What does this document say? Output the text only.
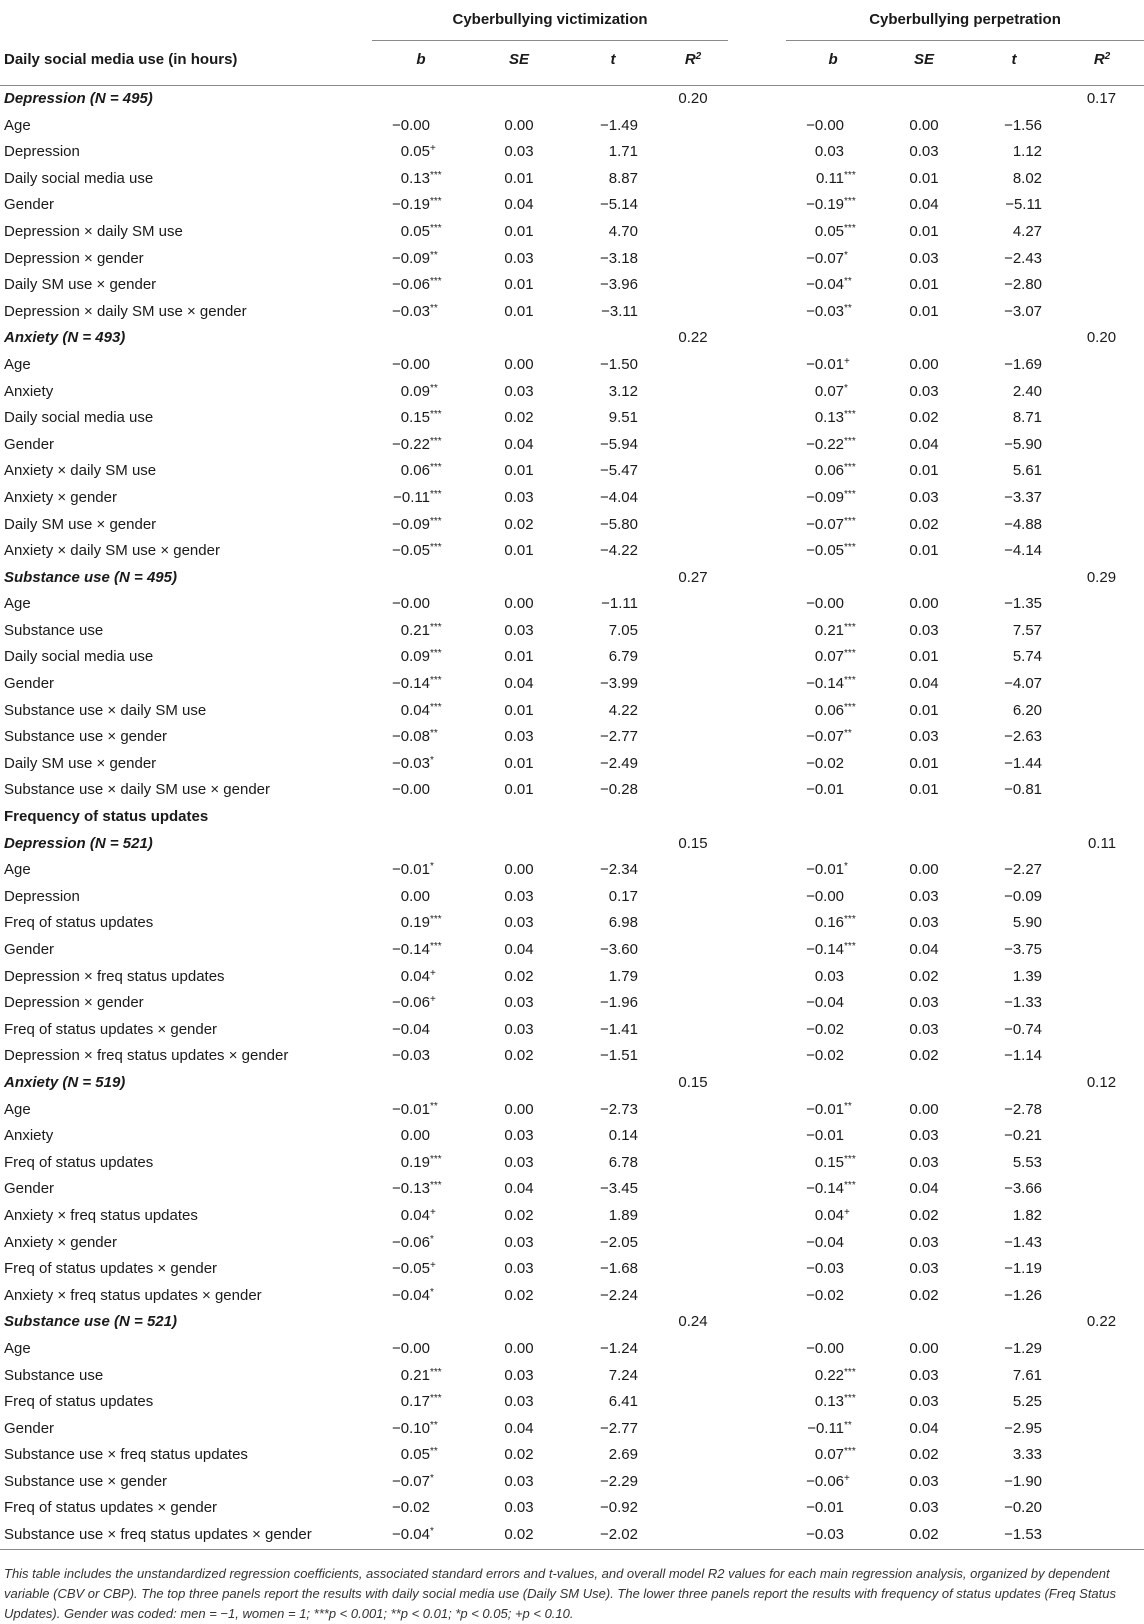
	Cyberbullying victimization					Cyberbullying perpetration			
Daily social media use (in hours)	b	SE	t	$R^2$		b	SE	t	$R^2$
Depression (N = 495)				0.20					0.17
Age	−0.00	0.00	−1.49			−0.00	0.00	−1.56	
Depression	0.05+	0.03	1.71			0.03	0.03	1.12	
Daily social media use	0.13***	0.01	8.87			0.11***	0.01	8.02	
Gender	−0.19***	0.04	−5.14			−0.19***	0.04	−5.11	
Depression × daily SM use	0.05***	0.01	4.70			0.05***	0.01	4.27	
Depression × gender	−0.09**	0.03	−3.18			−0.07*	0.03	−2.43	
Daily SM use × gender	−0.06***	0.01	−3.96			−0.04**	0.01	−2.80	
Depression × daily SM use × gender	−0.03**	0.01	−3.11			−0.03**	0.01	−3.07	
Anxiety (N = 493)				0.22					0.20
Age	−0.00	0.00	−1.50			−0.01+	0.00	−1.69	
Anxiety	0.09**	0.03	3.12			0.07*	0.03	2.40	
Daily social media use	0.15***	0.02	9.51			0.13***	0.02	8.71	
Gender	−0.22***	0.04	−5.94			−0.22***	0.04	−5.90	
Anxiety × daily SM use	0.06***	0.01	−5.47			0.06***	0.01	5.61	
Anxiety × gender	−0.11***	0.03	−4.04			−0.09***	0.03	−3.37	
Daily SM use × gender	−0.09***	0.02	−5.80			−0.07***	0.02	−4.88	
Anxiety × daily SM use × gender	−0.05***	0.01	−4.22			−0.05***	0.01	−4.14	
Substance use (N = 495)				0.27					0.29
Age	−0.00	0.00	−1.11			−0.00	0.00	−1.35	
Substance use	0.21***	0.03	7.05			0.21***	0.03	7.57	
Daily social media use	0.09***	0.01	6.79			0.07***	0.01	5.74	
Gender	−0.14***	0.04	−3.99			−0.14***	0.04	−4.07	
Substance use × daily SM use	0.04***	0.01	4.22			0.06***	0.01	6.20	
Substance use × gender	−0.08**	0.03	−2.77			−0.07**	0.03	−2.63	
Daily SM use × gender	−0.03*	0.01	−2.49			−0.02	0.01	−1.44	
Substance use × daily SM use × gender	−0.00	0.01	−0.28			−0.01	0.01	−0.81	
Frequency of status updates									
Depression (N = 521)				0.15					0.11
Age	−0.01*	0.00	−2.34			−0.01*	0.00	−2.27	
Depression	0.00	0.03	0.17			−0.00	0.03	−0.09	
Freq of status updates	0.19***	0.03	6.98			0.16***	0.03	5.90	
Gender	−0.14***	0.04	−3.60			−0.14***	0.04	−3.75	
Depression × freq status updates	0.04+	0.02	1.79			0.03	0.02	1.39	
Depression × gender	−0.06+	0.03	−1.96			−0.04	0.03	−1.33	
Freq of status updates × gender	−0.04	0.03	−1.41			−0.02	0.03	−0.74	
Depression × freq status updates × gender	−0.03	0.02	−1.51			−0.02	0.02	−1.14	
Anxiety (N = 519)				0.15					0.12
Age	−0.01**	0.00	−2.73			−0.01**	0.00	−2.78	
Anxiety	0.00	0.03	0.14			−0.01	0.03	−0.21	
Freq of status updates	0.19***	0.03	6.78			0.15***	0.03	5.53	
Gender	−0.13***	0.04	−3.45			−0.14***	0.04	−3.66	
Anxiety × freq status updates	0.04+	0.02	1.89			0.04+	0.02	1.82	
Anxiety × gender	−0.06*	0.03	−2.05			−0.04	0.03	−1.43	
Freq of status updates × gender	−0.05+	0.03	−1.68			−0.03	0.03	−1.19	
Anxiety × freq status updates × gender	−0.04*	0.02	−2.24			−0.02	0.02	−1.26	
Substance use (N = 521)				0.24					0.22
Age	−0.00	0.00	−1.24			−0.00	0.00	−1.29	
Substance use	0.21***	0.03	7.24			0.22***	0.03	7.61	
Freq of status updates	0.17***	0.03	6.41			0.13***	0.03	5.25	
Gender	−0.10**	0.04	−2.77			−0.11**	0.04	−2.95	
Substance use × freq status updates	0.05**	0.02	2.69			0.07***	0.02	3.33	
Substance use × gender	−0.07*	0.03	−2.29			−0.06+	0.03	−1.90	
Freq of status updates × gender	−0.02	0.03	−0.92			−0.01	0.03	−0.20	
Substance use × freq status updates × gender	−0.04*	0.02	−2.02			−0.03	0.02	−1.53	
This table includes the unstandardized regression coefficients, associated standard errors and t-values, and overall model R2 values for each main regression analysis, organized by dependent variable (CBV or CBP). The top three panels report the results with daily social media use (Daily SM Use). The lower three panels report the results with frequency of status updates (Freq Status Updates). Gender was coded: men = −1, women = 1; ***p < 0.001; **p < 0.01; *p < 0.05; +p < 0.10.
